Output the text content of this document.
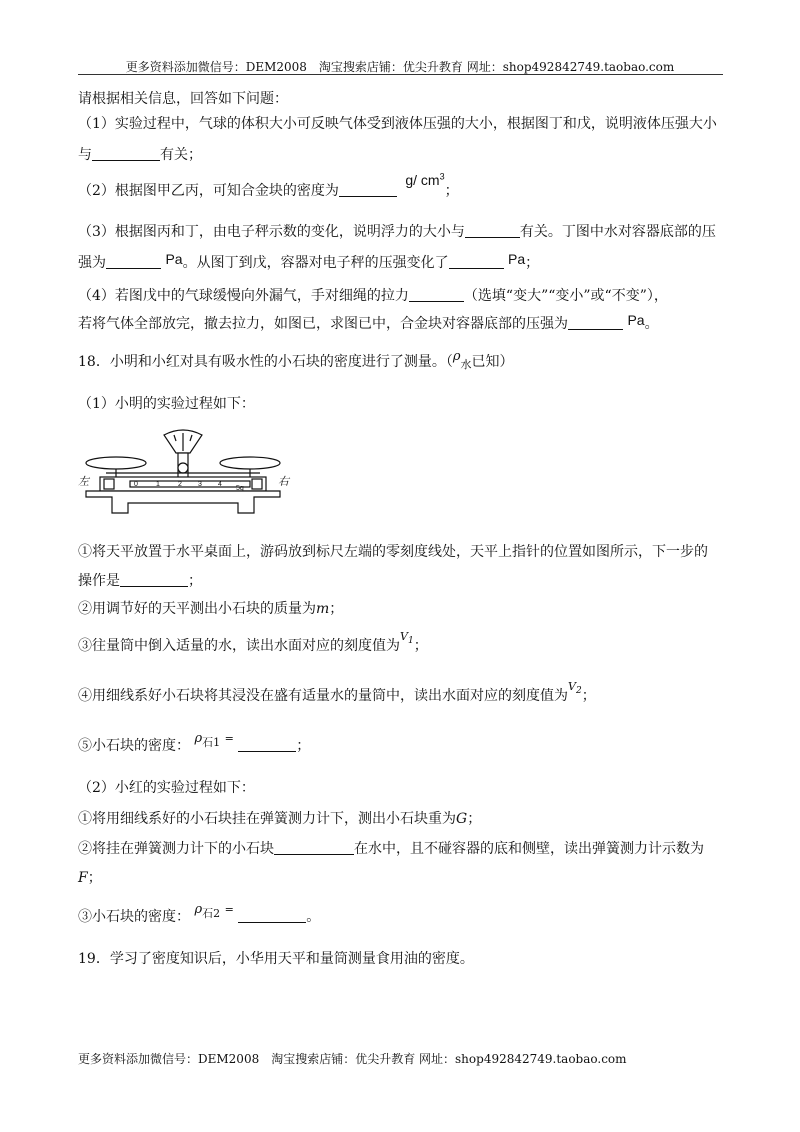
更多资料添加微信号：DEM2008　淘宝搜索店铺：优尖升教育 网址：shop492842749.taobao.com
请根据相关信息，回答如下问题：
（1）实验过程中，气球的体积大小可反映气体受到液体压强的大小，根据图丁和戊，说明液体压强大小
与	有关；
（2）根据图甲乙丙，可知合金块的密度为 g/ $cm^3$；
（3）根据图丙和丁，由电子秤示数的变化，说明浮力的大小与	有关。丁图中水对容器底部的压
强为	Pa。从图丁到戊，容器对电子秤的压强变化了	Pa；
（4）若图戊中的气球缓慢向外漏气，手对细绳的拉力	（选填“变大”“变小”或“不变”），
若将气体全部放完，撤去拉力，如图已，求图已中，合金块对容器底部的压强为	Pa。
18．小明和小红对具有吸水性的小石块的密度进行了测量。（$\rho_水$已知）
（1）小明的实验过程如下：
0	1	2 3 4
5g
左	右
①将天平放置于水平桌面上，游码放到标尺左端的零刻度线处，天平上指针的位置如图所示，下一步的
操作是	；
②用调节好的天平测出小石块的质量为m；
③往量筒中倒入适量的水，读出水面对应的刻度值为$^{V_1}$；
④用细线系好小石块将其浸没在盛有适量水的量筒中，读出水面对应的刻度值为$^{V_2}$；
⑤小石块的密度： $\rho_{石1}$ =	；
（2）小红的实验过程如下：
①将用细线系好的小石块挂在弹簧测力计下，测出小石块重为G；
②将挂在弹簧测力计下的小石块	在水中，且不碰容器的底和侧壁，读出弹簧测力计示数为
F；
③小石块的密度： $\rho_{石2}$ =	。
19．学习了密度知识后，小华用天平和量筒测量食用油的密度。
更多资料添加微信号：DEM2008　淘宝搜索店铺：优尖升教育 网址：shop492842749.taobao.com
